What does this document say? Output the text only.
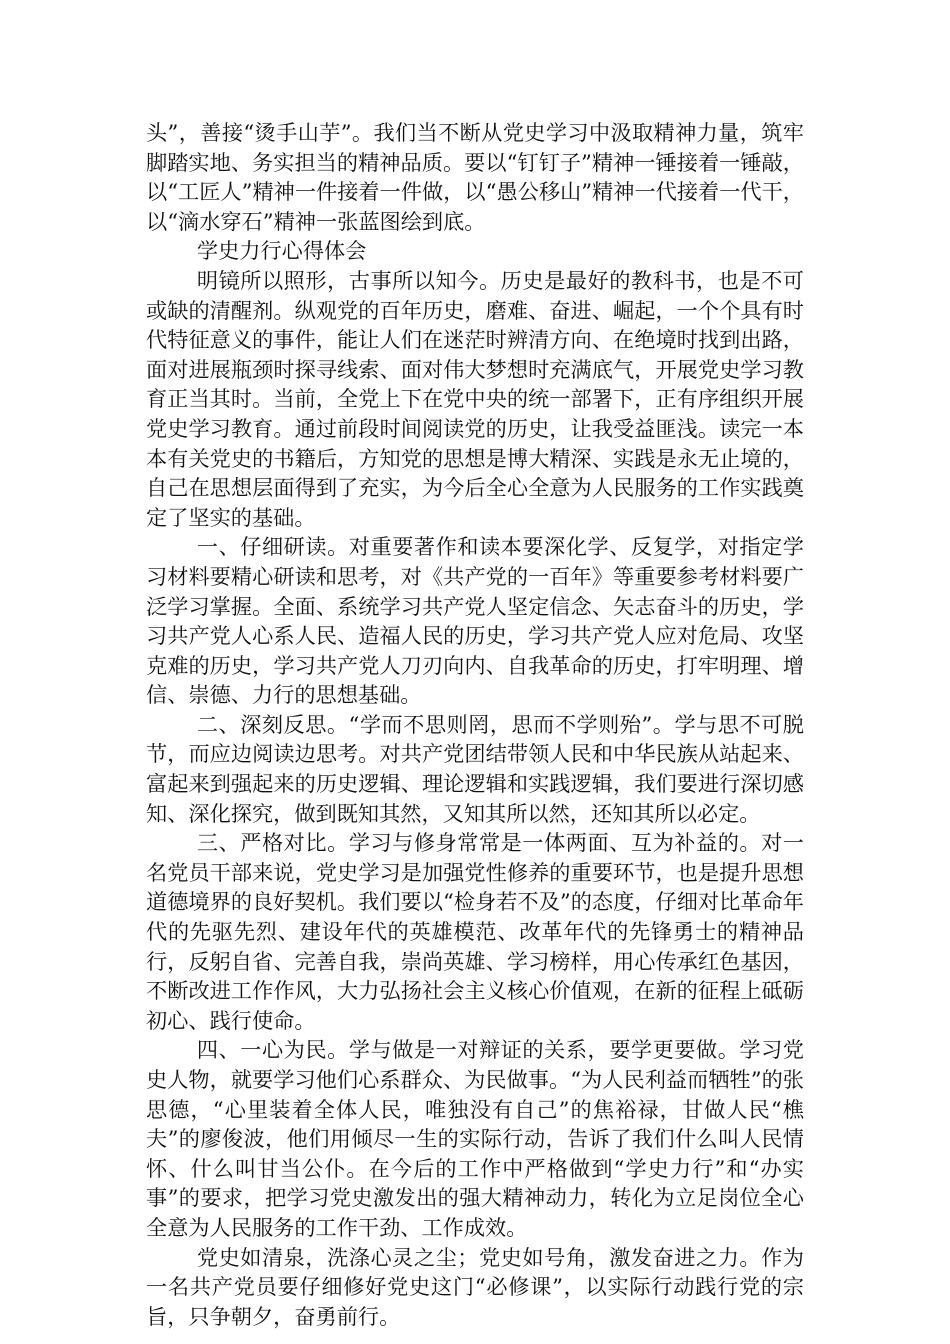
头”，善接“烫手山芋”。我们当不断从党史学习中汲取精神力量，筑牢脚踏实地、务实担当的精神品质。要以“钉钉子”精神一锤接着一锤敲，以“工匠人”精神一件接着一件做，以“愚公移山”精神一代接着一代干，以“滴水穿石”精神一张蓝图绘到底。

学史力行心得体会

明镜所以照形，古事所以知今。历史是最好的教科书，也是不可或缺的清醒剂。纵观党的百年历史，磨难、奋进、崛起，一个个具有时代特征意义的事件，能让人们在迷茫时辨清方向、在绝境时找到出路，面对进展瓶颈时探寻线索、面对伟大梦想时充满底气，开展党史学习教育正当其时。当前，全党上下在党中央的统一部署下，正有序组织开展党史学习教育。通过前段时间阅读党的历史，让我受益匪浅。读完一本本有关党史的书籍后，方知党的思想是博大精深、实践是永无止境的，自己在思想层面得到了充实，为今后全心全意为人民服务的工作实践奠定了坚实的基础。

一、仔细研读。对重要著作和读本要深化学、反复学，对指定学习材料要精心研读和思考，对《共产党的一百年》等重要参考材料要广泛学习掌握。全面、系统学习共产党人坚定信念、矢志奋斗的历史，学习共产党人心系人民、造福人民的历史，学习共产党人应对危局、攻坚克难的历史，学习共产党人刀刃向内、自我革命的历史，打牢明理、增信、崇德、力行的思想基础。

二、深刻反思。“学而不思则罔，思而不学则殆”。学与思不可脱节，而应边阅读边思考。对共产党团结带领人民和中华民族从站起来、富起来到强起来的历史逻辑、理论逻辑和实践逻辑，我们要进行深切感知、深化探究，做到既知其然，又知其所以然，还知其所以必定。

三、严格对比。学习与修身常常是一体两面、互为补益的。对一名党员干部来说，党史学习是加强党性修养的重要环节，也是提升思想道德境界的良好契机。我们要以“检身若不及”的态度，仔细对比革命年代的先驱先烈、建设年代的英雄模范、改革年代的先锋勇士的精神品行，反躬自省、完善自我，崇尚英雄、学习榜样，用心传承红色基因，不断改进工作作风，大力弘扬社会主义核心价值观，在新的征程上砥砺初心、践行使命。

四、一心为民。学与做是一对辩证的关系，要学更要做。学习党史人物，就要学习他们心系群众、为民做事。“为人民利益而牺牲”的张思德，“心里装着全体人民，唯独没有自己”的焦裕禄，甘做人民“樵夫”的廖俊波，他们用倾尽一生的实际行动，告诉了我们什么叫人民情怀、什么叫甘当公仆。在今后的工作中严格做到“学史力行”和“办实事”的要求，把学习党史激发出的强大精神动力，转化为立足岗位全心全意为人民服务的工作干劲、工作成效。

党史如清泉，洗涤心灵之尘；党史如号角，激发奋进之力。作为一名共产党员要仔细修好党史这门“必修课”，以实际行动践行党的宗旨，只争朝夕，奋勇前行。
